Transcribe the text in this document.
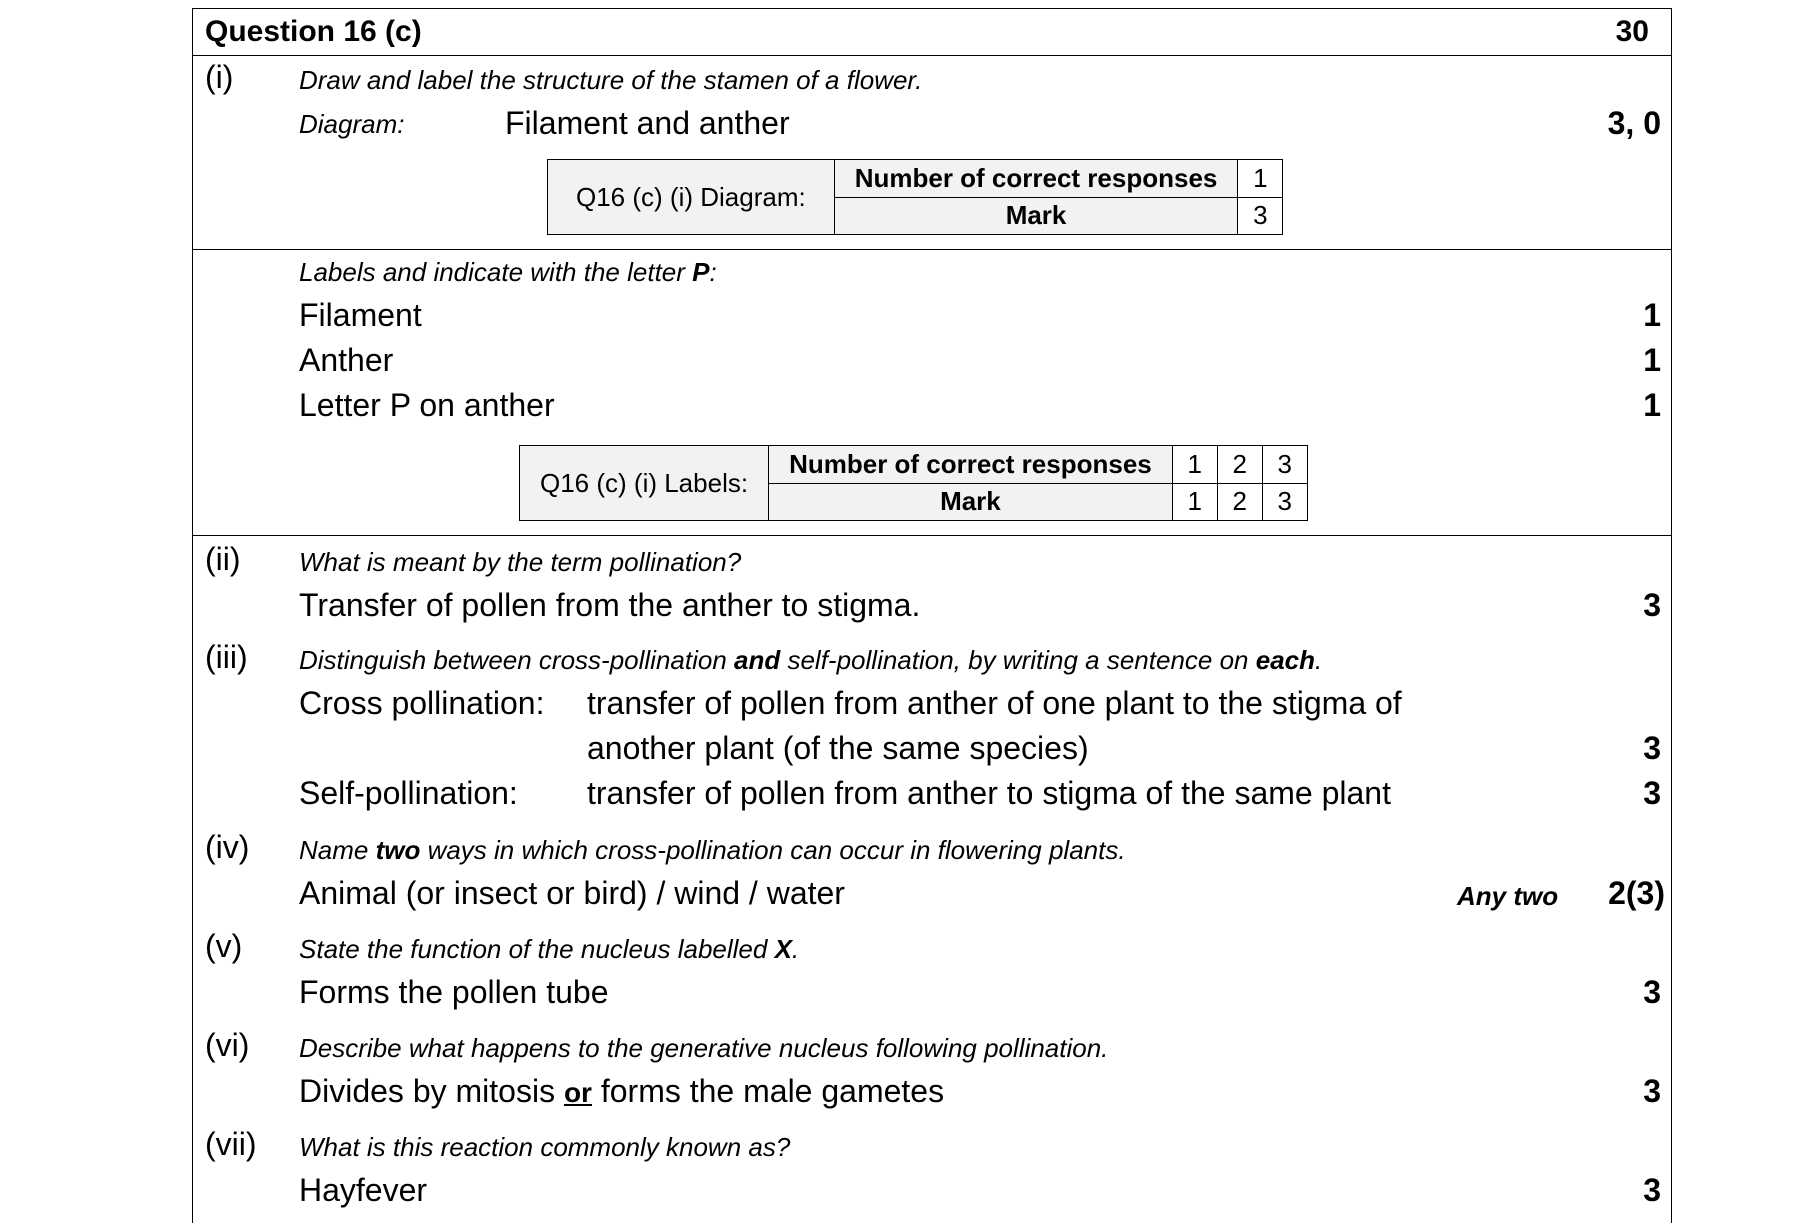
Question 16 (c)	30
(i)	Draw and label the structure of the stamen of a flower.
Diagram:	Filament and anther	3, 0
Q16 (c) (i) Diagram:	Number of correct responses	1
	Mark	3
Labels and indicate with the letter P:
Filament	1
Anther	1
Letter P on anther	1
Q16 (c) (i) Labels:	Number of correct responses	1	2	3
	Mark	1	2	3
(ii) What is meant by the term pollination?
Transfer of pollen from the anther to stigma.	3
(iii) Distinguish between cross-pollination and self-pollination, by writing a sentence on each.
Cross pollination: transfer of pollen from anther of one plant to the stigma of
another plant (of the same species)	3
Self-pollination: transfer of pollen from anther to stigma of the same plant	3
(iv) Name two ways in which cross-pollination can occur in flowering plants.
Animal (or insect or bird) / wind / water	Any two	2(3)
(v) State the function of the nucleus labelled X.
Forms the pollen tube	3
(vi) Describe what happens to the generative nucleus following pollination.
Divides by mitosis or forms the male gametes	3
(vii) What is this reaction commonly known as?
Hayfever	3
